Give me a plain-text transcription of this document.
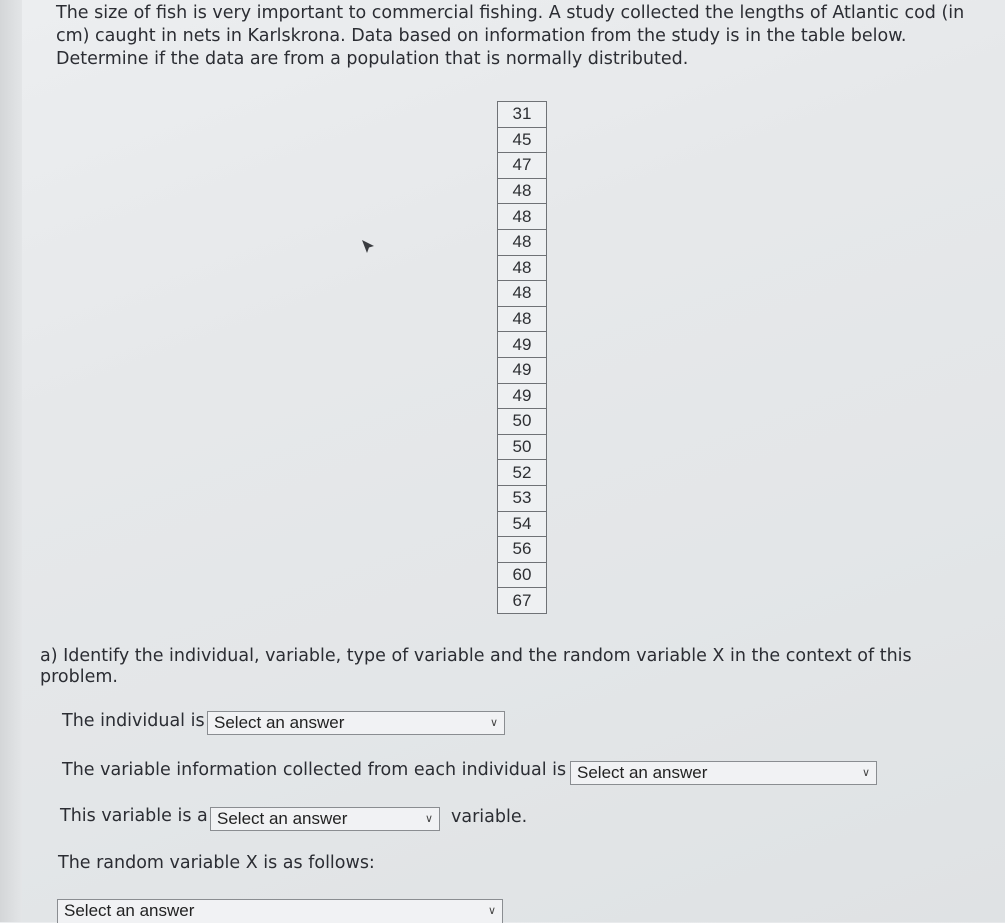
The size of fish is very important to commercial fishing. A study collected the lengths of Atlantic cod (in cm) caught in nets in Karlskrona. Data based on information from the study is in the table below. Determine if the data are from a population that is normally distributed.

31
45
47
48
48
48
48
48
48
49
49
49
50
50
52
53
54
56
60
67

a) Identify the individual, variable, type of variable and the random variable X in the context of this problem.

The individual is Select an answer	∨
The variable information collected from each individual is Select an answer	∨
This variable is a Select an answer	∨ variable.
The random variable X is as follows:
Select an answer	∨
